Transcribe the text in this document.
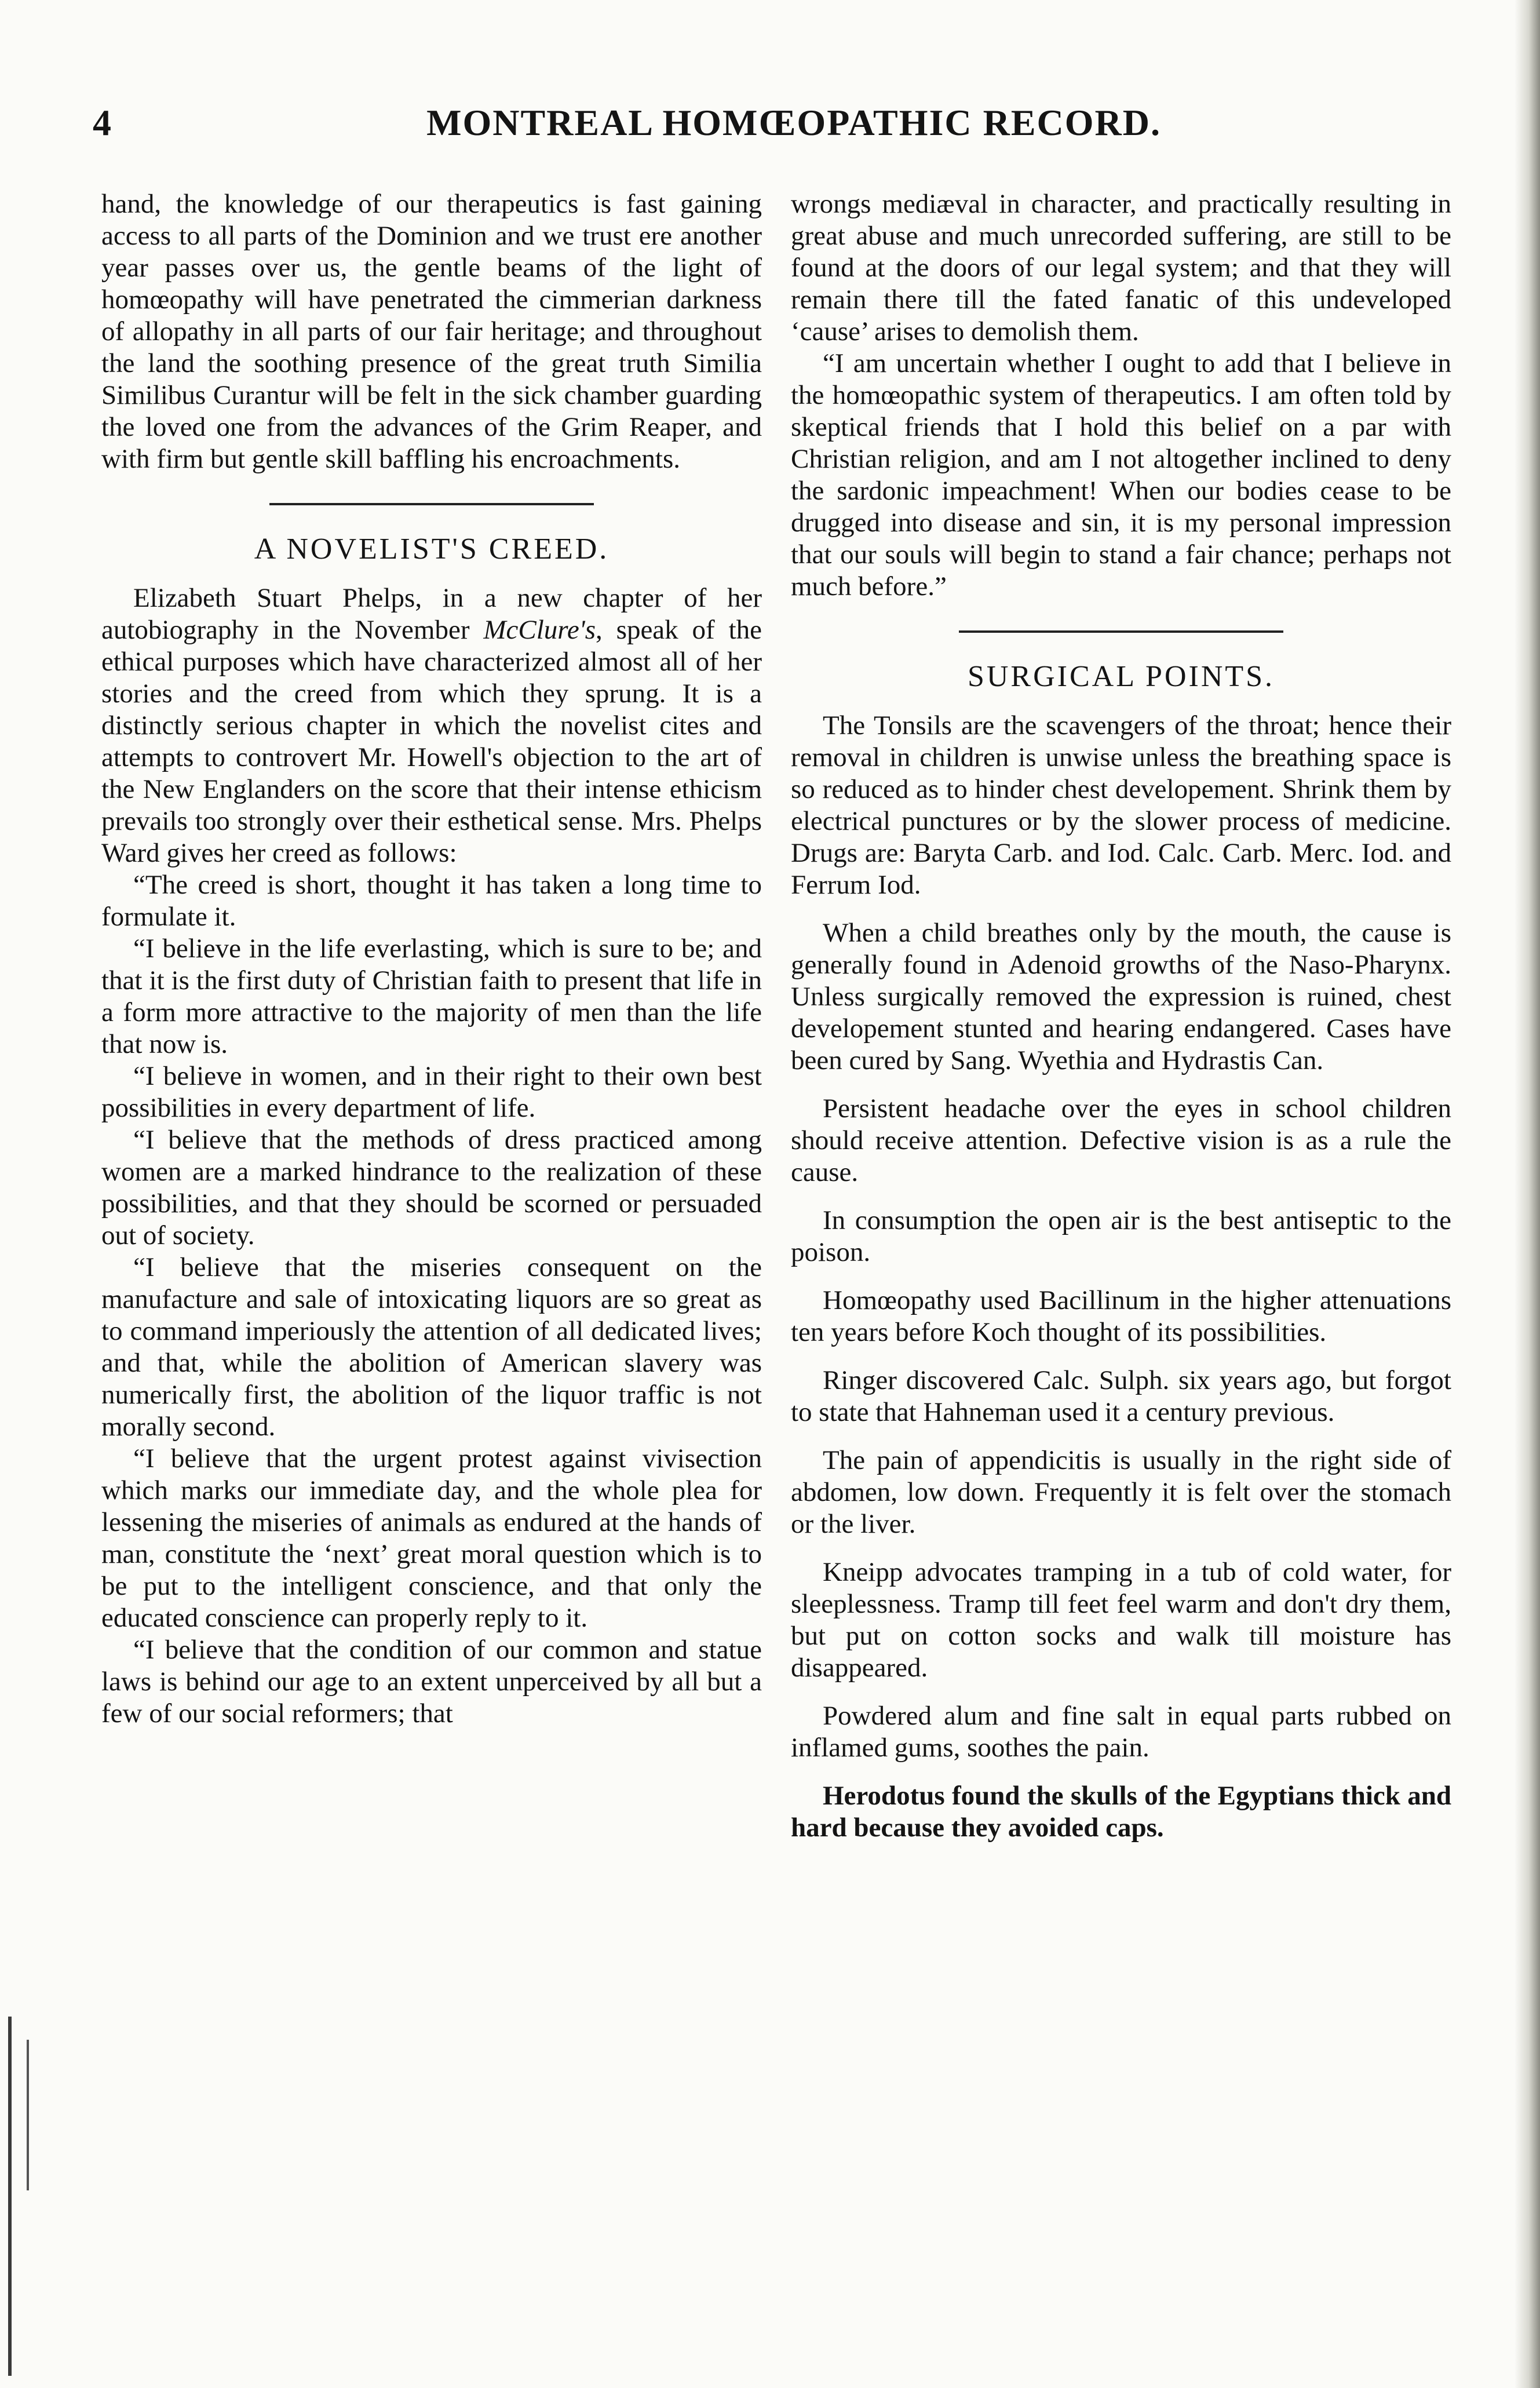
4	MONTREAL HOMŒOPATHIC RECORD.

hand, the knowledge of our therapeutics is fast gaining access to all parts of the Dominion and we trust ere another year passes over us, the gentle beams of the light of homœopathy will have penetrated the cimmerian darkness of allopathy in all parts of our fair heritage; and throughout the land the soothing presence of the great truth Similia Similibus Curantur will be felt in the sick chamber guarding the loved one from the advances of the Grim Reaper, and with firm but gentle skill baffling his encroachments.

A NOVELIST'S CREED.

Elizabeth Stuart Phelps, in a new chapter of her autobiography in the November McClure's, speak of the ethical purposes which have characterized almost all of her stories and the creed from which they sprung. It is a distinctly serious chapter in which the novelist cites and attempts to controvert Mr. Howell's objection to the art of the New Englanders on the score that their intense ethicism prevails too strongly over their esthetical sense. Mrs. Phelps Ward gives her creed as follows:

“The creed is short, thought it has taken a long time to formulate it.

“I believe in the life everlasting, which is sure to be; and that it is the first duty of Christian faith to present that life in a form more attractive to the majority of men than the life that now is.

“I believe in women, and in their right to their own best possibilities in every department of life.

“I believe that the methods of dress practiced among women are a marked hindrance to the realization of these possibilities, and that they should be scorned or persuaded out of society.

“I believe that the miseries consequent on the manufacture and sale of intoxicating liquors are so great as to command imperiously the attention of all dedicated lives; and that, while the abolition of American slavery was numerically first, the abolition of the liquor traffic is not morally second.

“I believe that the urgent protest against vivisection which marks our immediate day, and the whole plea for lessening the miseries of animals as endured at the hands of man, constitute the ‘next’ great moral question which is to be put to the intelligent conscience, and that only the educated conscience can properly reply to it.

“I believe that the condition of our common and statue laws is behind our age to an extent unperceived by all but a few of our social reformers; that

wrongs mediæval in character, and practically resulting in great abuse and much unrecorded suffering, are still to be found at the doors of our legal system; and that they will remain there till the fated fanatic of this undeveloped ‘cause’ arises to demolish them.

“I am uncertain whether I ought to add that I believe in the homœopathic system of therapeutics. I am often told by skeptical friends that I hold this belief on a par with Christian religion, and am I not altogether inclined to deny the sardonic impeachment! When our bodies cease to be drugged into disease and sin, it is my personal impression that our souls will begin to stand a fair chance; perhaps not much before.”

SURGICAL POINTS.

The Tonsils are the scavengers of the throat; hence their removal in children is unwise unless the breathing space is so reduced as to hinder chest developement. Shrink them by electrical punctures or by the slower process of medicine. Drugs are: Baryta Carb. and Iod. Calc. Carb. Merc. Iod. and Ferrum Iod.

When a child breathes only by the mouth, the cause is generally found in Adenoid growths of the Naso-Pharynx. Unless surgically removed the expression is ruined, chest developement stunted and hearing endangered. Cases have been cured by Sang. Wyethia and Hydrastis Can.

Persistent headache over the eyes in school children should receive attention. Defective vision is as a rule the cause.

In consumption the open air is the best antiseptic to the poison.

Homœopathy used Bacillinum in the higher attenuations ten years before Koch thought of its possibilities.

Ringer discovered Calc. Sulph. six years ago, but forgot to state that Hahneman used it a century previous.

The pain of appendicitis is usually in the right side of abdomen, low down. Frequently it is felt over the stomach or the liver.

Kneipp advocates tramping in a tub of cold water, for sleeplessness. Tramp till feet feel warm and don't dry them, but put on cotton socks and walk till moisture has disappeared.

Powdered alum and fine salt in equal parts rubbed on inflamed gums, soothes the pain.

Herodotus found the skulls of the Egyptians thick and hard because they avoided caps.
